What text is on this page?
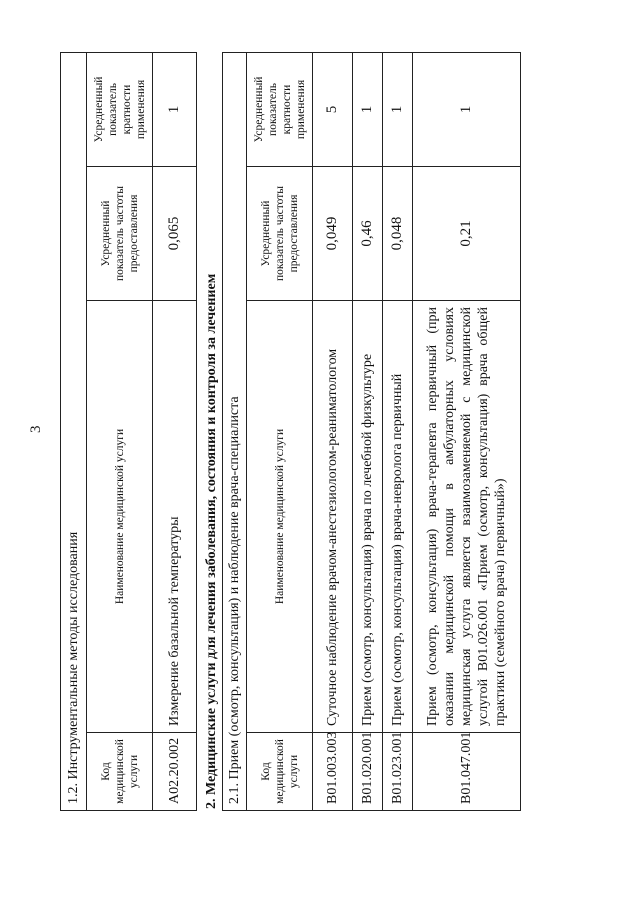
3
1.2. Инструментальные методы исследования			
Код медицинской услуги	Наименование медицинской услуги	Усредненный показатель частоты предоставления	Усредненный показатель кратности применения
A02.20.002	Измерение базальной температуры	0,065	1
2. Медицинские услуги для лечения заболевания, состояния и контроля за лечением 2.1. Прием (осмотр, консультация) и наблюдение врача-специалиста			
Код медицинской услуги	Наименование медицинской услуги	Усредненный показатель частоты предоставления	Усредненный показатель кратности применения
B01.003.003	Суточное наблюдение врачом-анестезиологом-реаниматологом	0,049	5
B01.020.001	Прием (осмотр, консультация) врача по лечебной физкультуре	0,46	1
B01.023.001	Прием (осмотр, консультация) врача-невролога первичный	0,048	1
B01.047.001	Прием (осмотр, консультация) врача-терапевта первичный (при оказании медицинской помощи в амбулаторных условиях медицинская услуга является взаимозаменяемой с медицинской услугой B01.026.001 «Прием (осмотр, консультация) врача общей практики (семейного врача) первичный»)	0,21	1
